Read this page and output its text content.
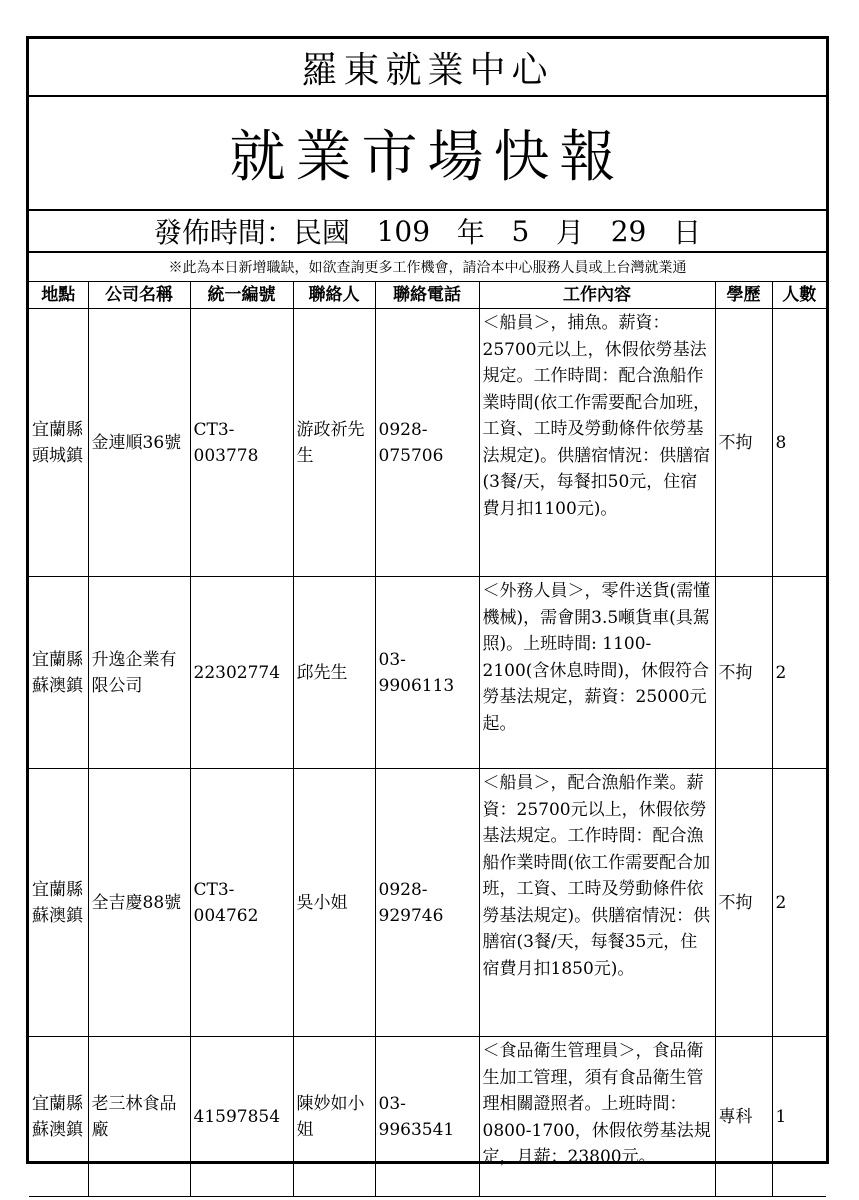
羅東就業中心
就業市場快報
發佈時間：民國
109
年
5
月
29
日
※此為本日新增職缺，如欲查詢更多工作機會，請洽本中心服務人員或上台灣就業通
地點	公司名稱	統一編號	聯絡人	聯絡電話	工作內容	學歷	人數
宜蘭縣頭城鎮	金連順36號	CT3-003778	游政祈先生	0928-075706	＜船員＞，捕魚。薪資：25700元以上，休假依勞基法規定。工作時間：配合漁船作業時間(依工作需要配合加班，工資、工時及勞動條件依勞基法規定)。供膳宿情況：供膳宿(3餐/天，每餐扣50元，住宿費月扣1100元)。	不拘	8
宜蘭縣蘇澳鎮	升逸企業有限公司	22302774	邱先生	03-9906113	＜外務人員＞，零件送貨(需懂機械)，需會開3.5噸貨車(具駕照)。上班時間: 1100-2100(含休息時間)，休假符合勞基法規定，薪資：25000元起。	不拘	2
宜蘭縣蘇澳鎮	全吉慶88號	CT3-004762	吳小姐	0928-929746	＜船員＞，配合漁船作業。薪資：25700元以上，休假依勞基法規定。工作時間：配合漁船作業時間(依工作需要配合加班，工資、工時及勞動條件依勞基法規定)。供膳宿情況：供膳宿(3餐/天，每餐35元，住宿費月扣1850元)。	不拘	2
宜蘭縣蘇澳鎮	老三林食品廠	41597854	陳妙如小姐	03-9963541	＜食品衛生管理員＞，食品衛生加工管理，須有食品衛生管理相關證照者。上班時間：0800-1700，休假依勞基法規定，月薪：23800元。	專科	1
